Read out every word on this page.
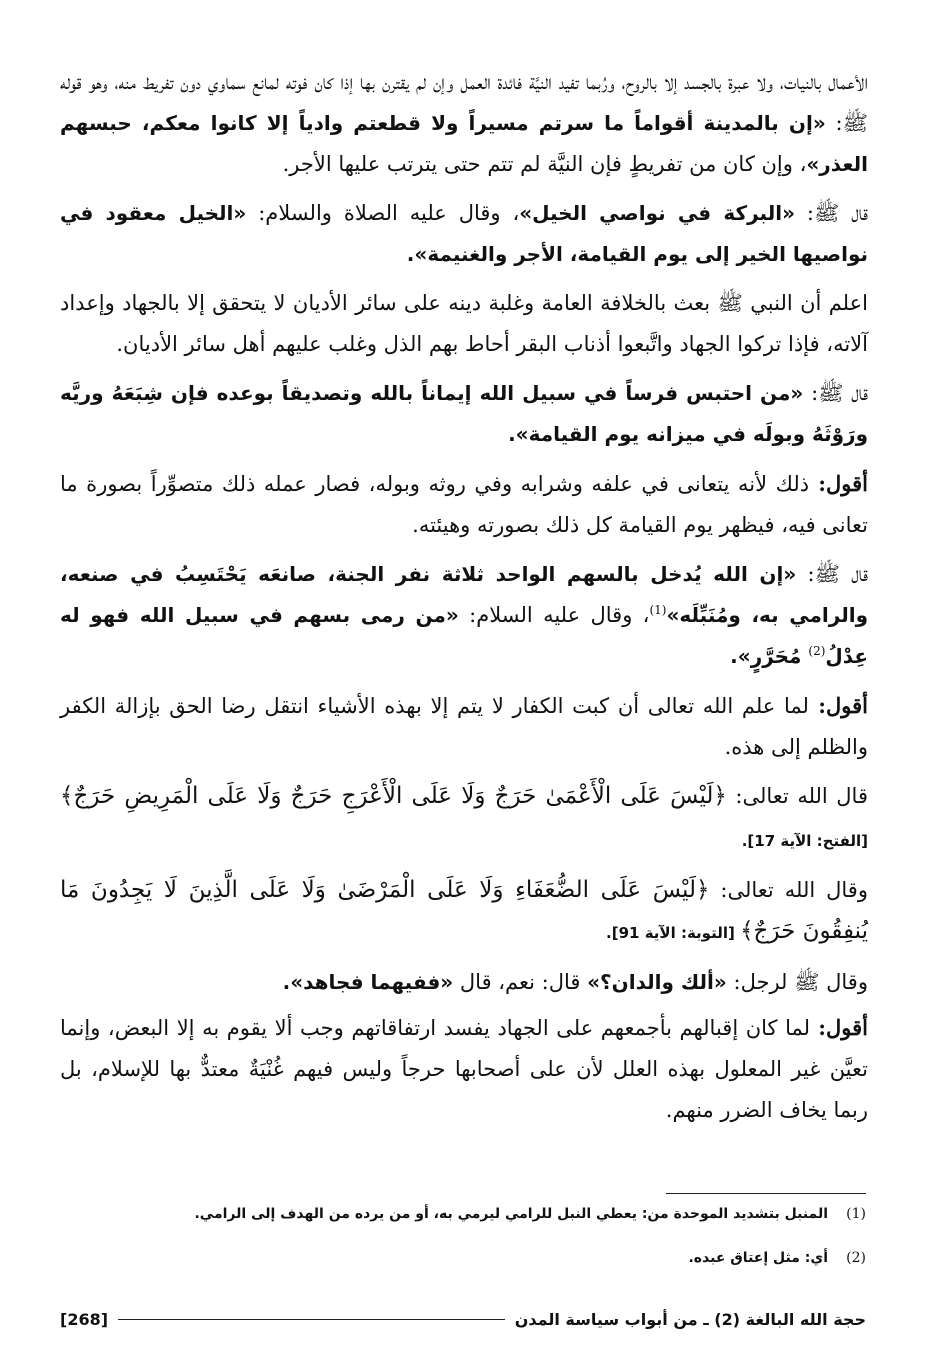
الأعمال بالنيات، ولا عبرة بالجسد إلا بالروح، ورُبما تفيد النيَّة فائدة العمل وإن لم يقترن بها إذا كان فوته لمانع سماوي دون تفريط منه، وهو قوله ﷺ: «إن بالمدينة أقواماً ما سرتم مسيراً ولا قطعتم وادياً إلا كانوا معكم، حبسهم العذر»، وإن كان من تفريطٍ فإن النيَّة لم تتم حتى يترتب عليها الأجر.

قال ﷺ: «البركة في نواصي الخيل»، وقال عليه الصلاة والسلام: «الخيل معقود في نواصيها الخير إلى يوم القيامة، الأجر والغنيمة».

اعلم أن النبي ﷺ بعث بالخلافة العامة وغلبة دينه على سائر الأديان لا يتحقق إلا بالجهاد وإعداد آلاته، فإذا تركوا الجهاد واتَّبعوا أذناب البقر أحاط بهم الذل وغلب عليهم أهل سائر الأديان.

قال ﷺ: «من احتبس فرساً في سبيل الله إيماناً بالله وتصديقاً بوعده فإن شِبَعَهُ وريَّه ورَوْثَهُ وبولَه في ميزانه يوم القيامة».

أقول: ذلك لأنه يتعانى في علفه وشرابه وفي روثه وبوله، فصار عمله ذلك متصوِّراً بصورة ما تعانى فيه، فيظهر يوم القيامة كل ذلك بصورته وهيئته.

قال ﷺ: «إن الله يُدخل بالسهم الواحد ثلاثة نفر الجنة، صانعَه يَحْتَسِبُ في صنعه، والرامي به، ومُنَبِّلَه»$^{(1)}$، وقال عليه السلام: «من رمى بسهم في سبيل الله فهو له عِدْلُ$^{(2)}$ مُحَرَّرٍ».

أقول: لما علم الله تعالى أن كبت الكفار لا يتم إلا بهذه الأشياء انتقل رضا الحق بإزالة الكفر والظلم إلى هذه.

قال الله تعالى: ﴿لَيْسَ عَلَى الْأَعْمَىٰ حَرَجٌ وَلَا عَلَى الْأَعْرَجِ حَرَجٌ وَلَا عَلَى الْمَرِيضِ حَرَجٌ﴾ [الفتح: الآية 17].

وقال الله تعالى: ﴿لَيْسَ عَلَى الضُّعَفَاءِ وَلَا عَلَى الْمَرْضَىٰ وَلَا عَلَى الَّذِينَ لَا يَجِدُونَ مَا يُنفِقُونَ حَرَجٌ﴾ [التوبة: الآية 91].

وقال ﷺ لرجل: «ألك والدان؟» قال: نعم، قال «ففيهما فجاهد».

أقول: لما كان إقبالهم بأجمعهم على الجهاد يفسد ارتفاقاتهم وجب ألا يقوم به إلا البعض، وإنما تعيَّن غير المعلول بهذه العلل لأن على أصحابها حرجاً وليس فيهم غُنْيَةٌ معتدٌّ بها للإسلام، بل ربما يخاف الضرر منهم.

(1)
المنبل بتشديد الموحدة من: يعطي النبل للرامي ليرمي به، أو من يرده من الهدف إلى الرامي.
(2)
أي: مثل إعتاق عبده.
حجة الله البالغة (2) ـ من أبواب سياسة المدن
[268]
